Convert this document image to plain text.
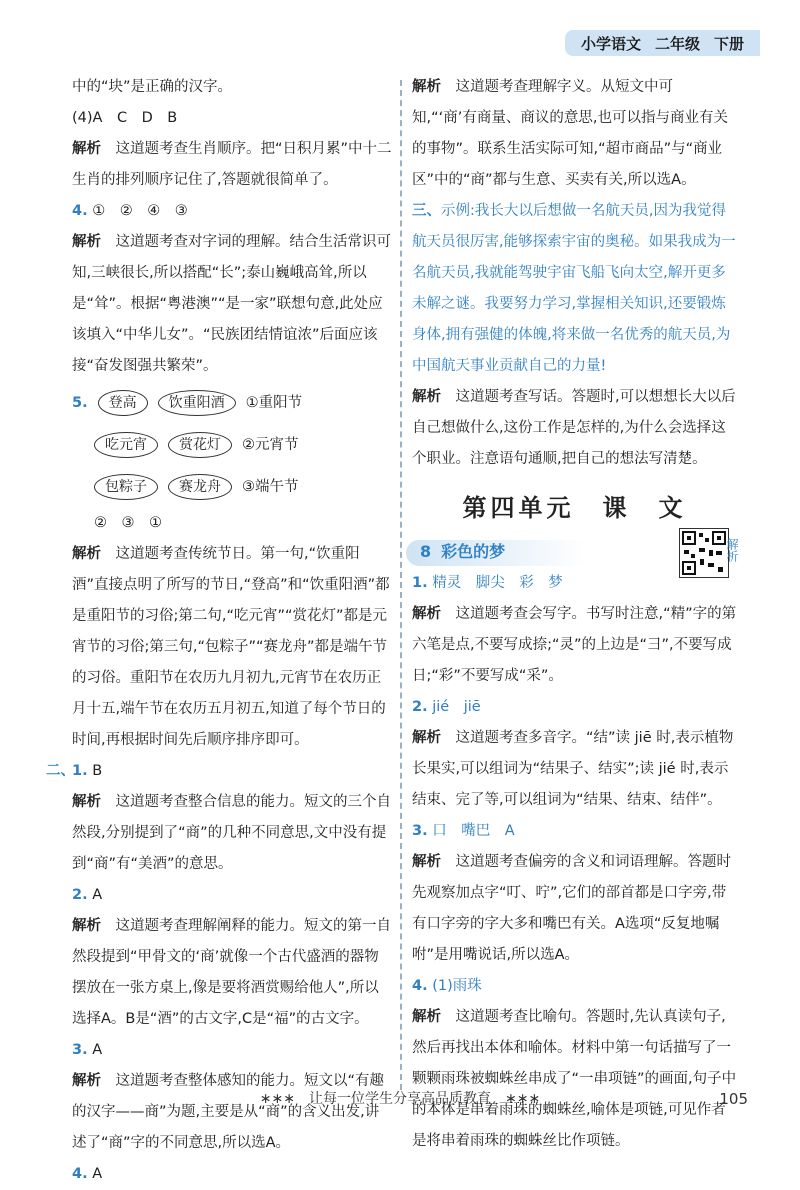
小学语文 二年级 下册

中的“块”是正确的汉字。

(4)A　C　D　B

解析　 这道题考查生肖顺序。把“日积月累”中十二生肖的排列顺序记住了,答题就很简单了。

4. ①　②　④　③

解析　 这道题考查对字词的理解。结合生活常识可知,三峡很长,所以搭配“长”;泰山巍峨高耸,所以是“耸”。根据“粤港澳”“是一家”联想句意,此处应该填入“中华儿女”。“民族团结情谊浓”后面应该接“奋发图强共繁荣”。

5.	登高	饮重阳酒	①重阳节
吃元宵	赏花灯	②元宵节
包粽子	赛龙舟	③端午节

②　③　①

解析　 这道题考查传统节日。第一句,“饮重阳酒”直接点明了所写的节日,“登高”和“饮重阳酒”都是重阳节的习俗;第二句,“吃元宵”“赏花灯”都是元宵节的习俗;第三句,“包粽子”“赛龙舟”都是端午节的习俗。重阳节在农历九月初九,元宵节在农历正月十五,端午节在农历五月初五,知道了每个节日的时间,再根据时间先后顺序排序即可。

二、
1. B

解析　 这道题考查整合信息的能力。短文的三个自然段,分别提到了“商”的几种不同意思,文中没有提到“商”有“美酒”的意思。

2. A

解析　 这道题考查理解阐释的能力。短文的第一自然段提到“甲骨文的‘商’就像一个古代盛酒的器物摆放在一张方桌上,像是要将酒赏赐给他人”,所以选择A。B是“酒”的古文字,C是“福”的古文字。

3. A

解析　 这道题考查整体感知的能力。短文以“有趣的汉字——商”为题,主要是从“商”的含义出发,讲述了“商”字的不同意思,所以选A。

4. A

解析　 这道题考查理解字义。从短文中可知,“‘商’有商量、商议的意思,也可以指与商业有关的事物”。联系生活实际可知,“超市商品”与“商业区”中的“商”都与生意、买卖有关,所以选A。

三、示例:我长大以后想做一名航天员,因为我觉得航天员很厉害,能够探索宇宙的奥秘。如果我成为一名航天员,我就能驾驶宇宙飞船飞向太空,解开更多未解之谜。我要努力学习,掌握相关知识,还要锻炼身体,拥有强健的体魄,将来做一名优秀的航天员,为中国航天事业贡献自己的力量!

解析　 这道题考查写话。答题时,可以想想长大以后自己想做什么,这份工作是怎样的,为什么会选择这个职业。注意语句通顺,把自己的想法写清楚。

第四单元　课　文
8 彩色的梦	解析

1. 精灵　脚尖　彩　梦

解析　 这道题考查会写字。书写时注意,“精”字的第六笔是点,不要写成捺;“灵”的上边是“彐”,不要写成日;“彩”不要写成“采”。

2. jié　jiē

解析　 这道题考查多音字。“结”读 jiē 时,表示植物长果实,可以组词为“结果子、结实”;读 jié 时,表示结束、完了等,可以组词为“结果、结束、结伴”。

3. 口　嘴巴　A

解析　 这道题考查偏旁的含义和词语理解。答题时先观察加点字“叮、咛”,它们的部首都是口字旁,带有口字旁的字大多和嘴巴有关。A选项“反复地嘱咐”是用嘴说话,所以选A。

4. (1)雨珠

解析　 这道题考查比喻句。答题时,先认真读句子,然后再找出本体和喻体。材料中第一句话描写了一颗颗雨珠被蜘蛛丝串成了“一串项链”的画面,句子中的本体是串着雨珠的蜘蛛丝,喻体是项链,可见作者是将串着雨珠的蜘蛛丝比作项链。

∗∗∗　让每一位学生分享高品质教育　∗∗∗	105
